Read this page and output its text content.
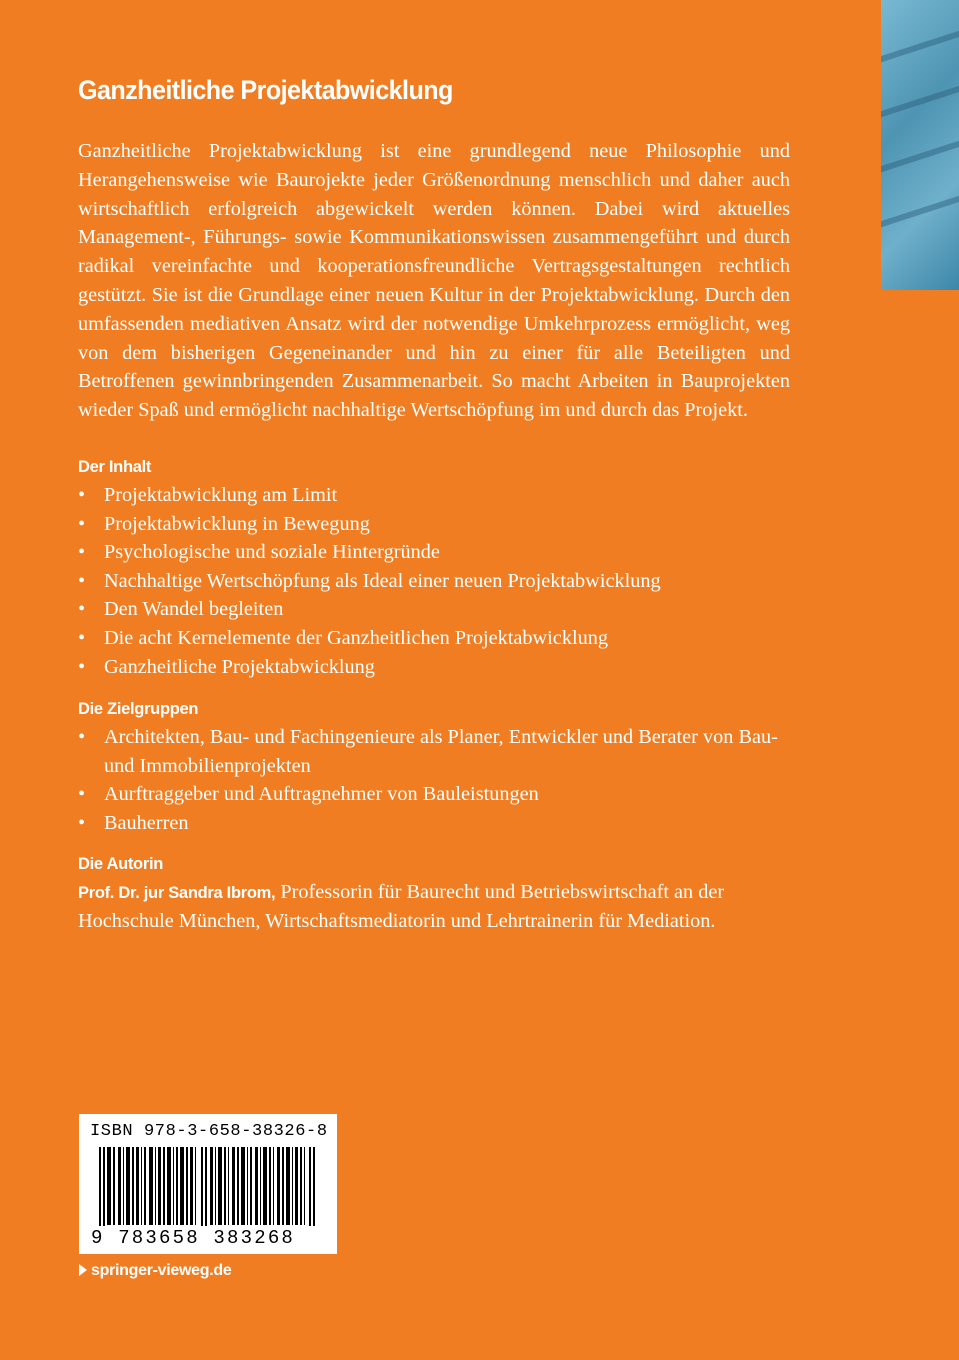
Ganzheitliche Projektabwicklung

Ganzheitliche Projektabwicklung ist eine grundlegend neue Philosophie und Herangehensweise wie Baurojekte jeder Größenordnung menschlich und daher auch wirtschaftlich erfolgreich abgewickelt werden können. Dabei wird aktuelles Management-, Führungs- sowie Kommunikationswissen zusammengeführt und durch radikal vereinfachte und kooperationsfreundliche Vertragsgestaltungen rechtlich gestützt. Sie ist die Grundlage einer neuen Kultur in der Projektabwicklung. Durch den umfassenden mediativen Ansatz wird der notwendige Umkehrprozess ermöglicht, weg von dem bisherigen Gegeneinander und hin zu einer für alle Beteiligten und Betroffenen gewinnbringenden Zusammenarbeit. So macht Arbeiten in Bauprojekten wieder Spaß und ermöglicht nachhaltige Wertschöpfung im und durch das Projekt.

Der Inhalt
• Projektabwicklung am Limit
• Projektabwicklung in Bewegung
• Psychologische und soziale Hintergründe
• Nachhaltige Wertschöpfung als Ideal einer neuen Projektabwicklung
• Den Wandel begleiten
• Die acht Kernelemente der Ganzheitlichen Projektabwicklung
• Ganzheitliche Projektabwicklung
Die Zielgruppen
• Architekten, Bau- und Fachingenieure als Planer, Entwickler und Berater von Bau- und Immobilienprojekten
• Aurftraggeber und Auftragnehmer von Bauleistungen
• Bauherren
Die Autorin
Prof. Dr. jur Sandra Ibrom, Professorin für Baurecht und Betriebswirtschaft an der Hochschule München, Wirtschaftsmediatorin und Lehrtrainerin für Mediation.
ISBN 978-3-658-38326-8
9 783658 383268
springer-vieweg.de
